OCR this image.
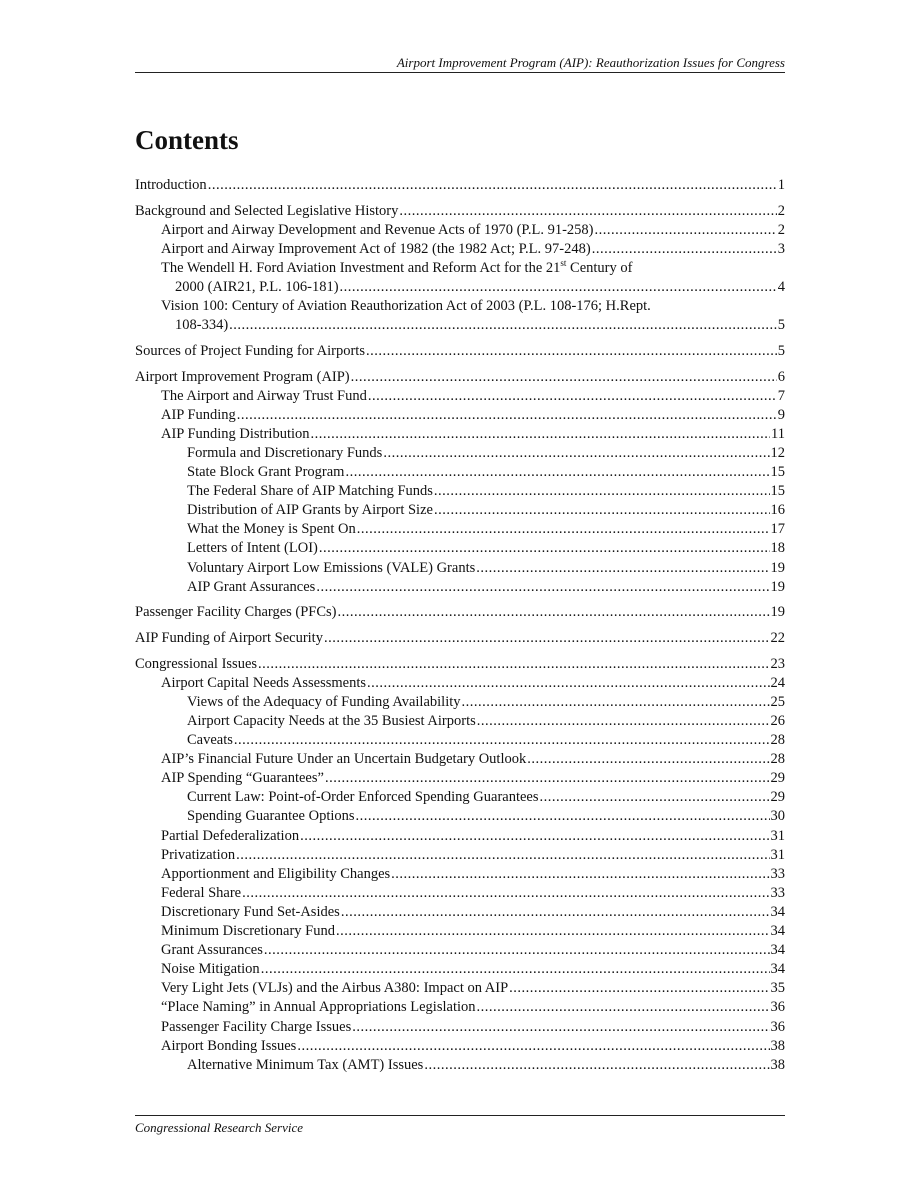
Airport Improvement Program (AIP): Reauthorization Issues for Congress
Contents
Introduction .....	1
Background and Selected Legislative History .....	2
Airport and Airway Development and Revenue Acts of 1970 (P.L. 91-258) .....	2
Airport and Airway Improvement Act of 1982 (the 1982 Act; P.L. 97-248) .....	3
The Wendell H. Ford Aviation Investment and Reform Act for the 21st Century of
2000 (AIR21, P.L. 106-181) .....	4
Vision 100: Century of Aviation Reauthorization Act of 2003 (P.L. 108-176; H.Rept.
108-334) .....	5
Sources of Project Funding for Airports .....	5
Airport Improvement Program (AIP) .....	6
The Airport and Airway Trust Fund .....	7
AIP Funding .....	9
AIP Funding Distribution .....	11
Formula and Discretionary Funds .....	12
State Block Grant Program .....	15
The Federal Share of AIP Matching Funds .....	15
Distribution of AIP Grants by Airport Size .....	16
What the Money is Spent On .....	17
Letters of Intent (LOI) .....	18
Voluntary Airport Low Emissions (VALE) Grants .....	19
AIP Grant Assurances .....	19
Passenger Facility Charges (PFCs) .....	19
AIP Funding of Airport Security .....	22
Congressional Issues .....	23
Airport Capital Needs Assessments .....	24
Views of the Adequacy of Funding Availability .....	25
Airport Capacity Needs at the 35 Busiest Airports .....	26
Caveats .....	28
AIP’s Financial Future Under an Uncertain Budgetary Outlook .....	28
AIP Spending “Guarantees” .....	29
Current Law: Point-of-Order Enforced Spending Guarantees .....	29
Spending Guarantee Options .....	30
Partial Defederalization .....	31
Privatization .....	31
Apportionment and Eligibility Changes .....	33
Federal Share .....	33
Discretionary Fund Set-Asides .....	34
Minimum Discretionary Fund .....	34
Grant Assurances .....	34
Noise Mitigation .....	34
Very Light Jets (VLJs) and the Airbus A380: Impact on AIP .....	35
“Place Naming” in Annual Appropriations Legislation .....	36
Passenger Facility Charge Issues .....	36
Airport Bonding Issues .....	38
Alternative Minimum Tax (AMT) Issues .....	38
Congressional Research Service
